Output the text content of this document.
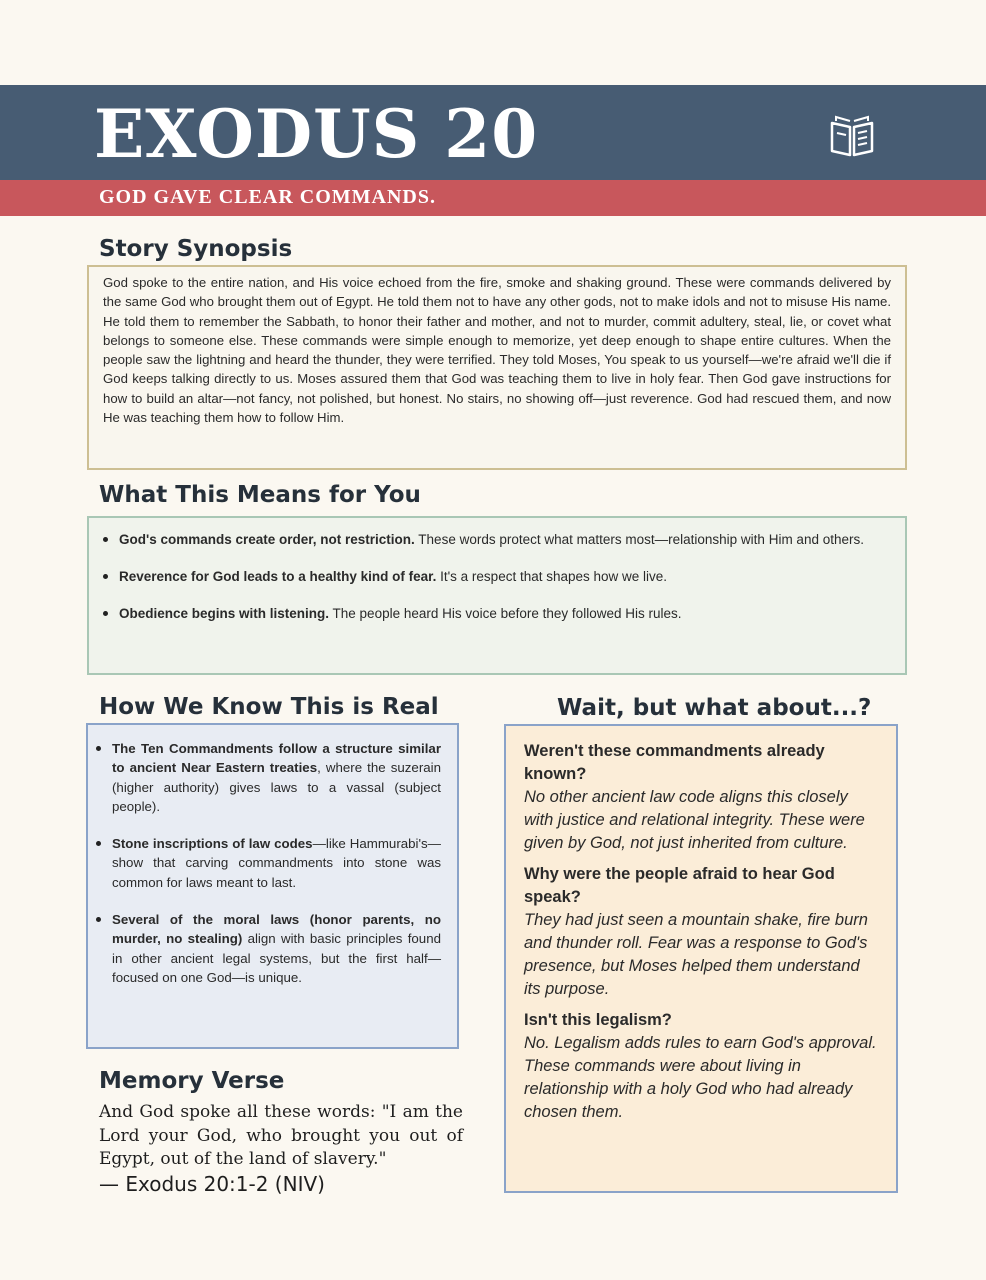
EXODUS 20

GOD GAVE CLEAR COMMANDS.

Story Synopsis
God spoke to the entire nation, and His voice echoed from the fire, smoke and shaking ground. These were commands delivered by the same God who brought them out of Egypt. He told them not to have any other gods, not to make idols and not to misuse His name. He told them to remember the Sabbath, to honor their father and mother, and not to murder, commit adultery, steal, lie, or covet what belongs to someone else. These commands were simple enough to memorize, yet deep enough to shape entire cultures. When the people saw the lightning and heard the thunder, they were terrified. They told Moses, You speak to us yourself—we're afraid we'll die if God keeps talking directly to us. Moses assured them that God was teaching them to live in holy fear. Then God gave instructions for how to build an altar—not fancy, not polished, but honest. No stairs, no showing off—just reverence. God had rescued them, and now He was teaching them how to follow Him.
What This Means for You
God's commands create order, not restriction. These words protect what matters most—relationship with Him and others.
Reverence for God leads to a healthy kind of fear. It's a respect that shapes how we live.
Obedience begins with listening. The people heard His voice before they followed His rules.
How We Know This is Real
The Ten Commandments follow a structure similar to ancient Near Eastern treaties, where the suzerain (higher authority) gives laws to a vassal (subject people).
Stone inscriptions of law codes—like Hammurabi's—show that carving commandments into stone was common for laws meant to last.
Several of the moral laws (honor parents, no murder, no stealing) align with basic principles found in other ancient legal systems, but the first half—focused on one God—is unique.
Wait, but what about...?

Weren't these commandments already known?

No other ancient law code aligns this closely with justice and relational integrity. These were given by God, not just inherited from culture.

Why were the people afraid to hear God speak?

They had just seen a mountain shake, fire burn and thunder roll. Fear was a response to God's presence, but Moses helped them understand its purpose.

Isn't this legalism?

No. Legalism adds rules to earn God's approval. These commands were about living in relationship with a holy God who had already chosen them.

Memory Verse

And God spoke all these words: "I am the Lord your God, who brought you out of Egypt, out of the land of slavery."

— Exodus 20:1-2 (NIV)
